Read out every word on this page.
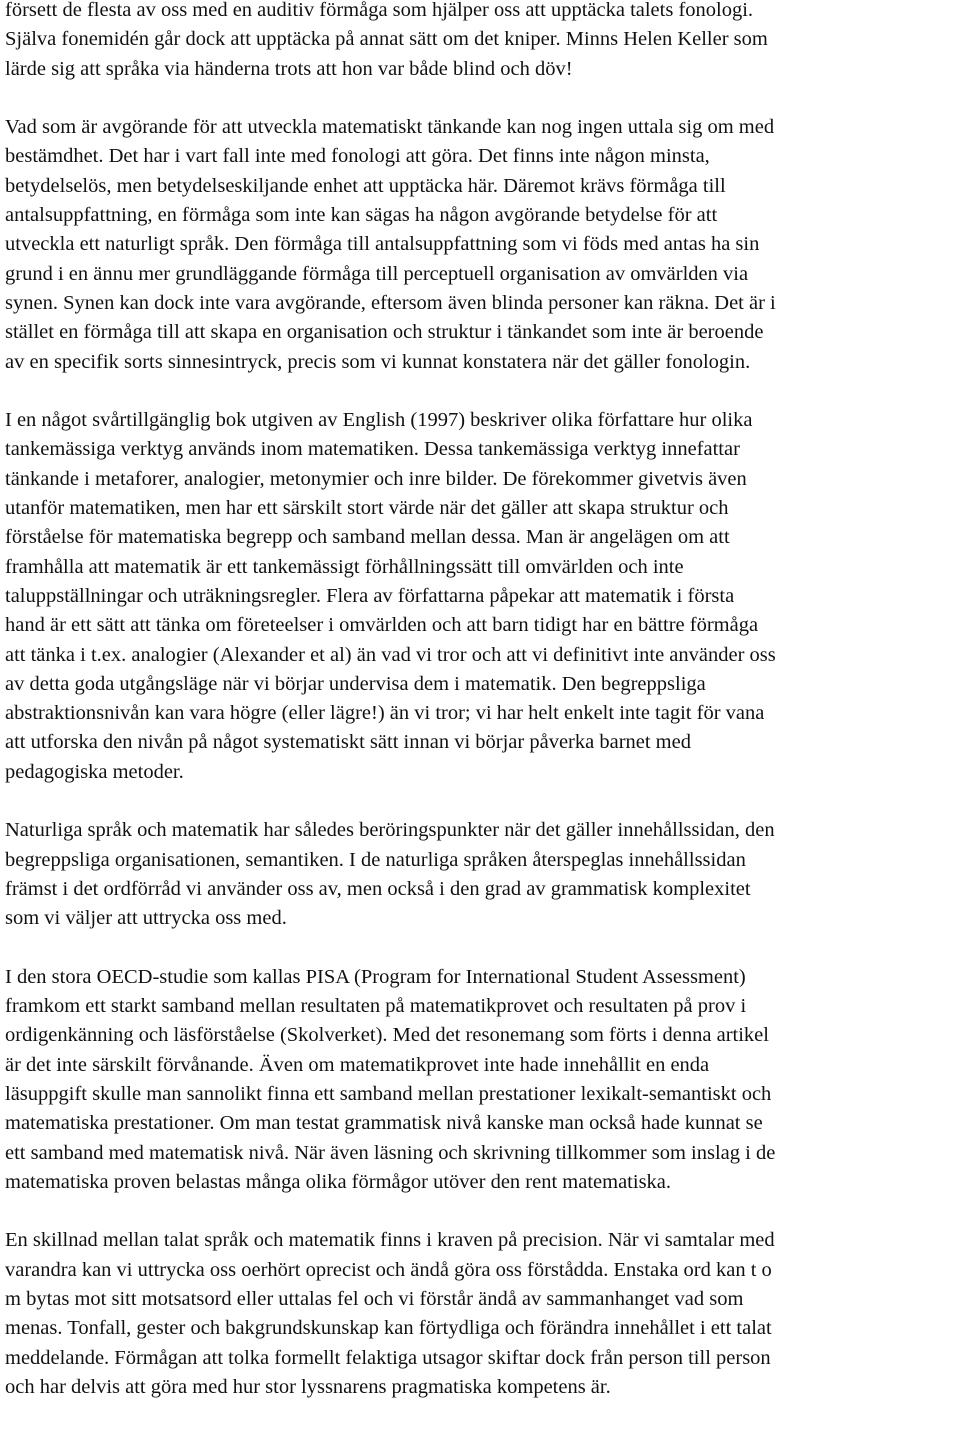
försett de flesta av oss med en auditiv förmåga som hjälper oss att upptäcka talets fonologi.
Själva fonemidén går dock att upptäcka på annat sätt om det kniper. Minns Helen Keller som
lärde sig att språka via händerna trots att hon var både blind och döv!

Vad som är avgörande för att utveckla matematiskt tänkande kan nog ingen uttala sig om med
bestämdhet. Det har i vart fall inte med fonologi att göra. Det finns inte någon minsta,
betydelselös, men betydelseskiljande enhet att upptäcka här. Däremot krävs förmåga till
antalsuppfattning, en förmåga som inte kan sägas ha någon avgörande betydelse för att
utveckla ett naturligt språk. Den förmåga till antalsuppfattning som vi föds med antas ha sin
grund i en ännu mer grundläggande förmåga till perceptuell organisation av omvärlden via
synen. Synen kan dock inte vara avgörande, eftersom även blinda personer kan räkna. Det är i
stället en förmåga till att skapa en organisation och struktur i tänkandet som inte är beroende
av en specifik sorts sinnesintryck, precis som vi kunnat konstatera när det gäller fonologin.

I en något svårtillgänglig bok utgiven av English (1997) beskriver olika författare hur olika
tankemässiga verktyg används inom matematiken. Dessa tankemässiga verktyg innefattar
tänkande i metaforer, analogier, metonymier och inre bilder. De förekommer givetvis även
utanför matematiken, men har ett särskilt stort värde när det gäller att skapa struktur och
förståelse för matematiska begrepp och samband mellan dessa. Man är angelägen om att
framhålla att matematik är ett tankemässigt förhållningssätt till omvärlden och inte
taluppställningar och uträkningsregler. Flera av författarna påpekar att matematik i första
hand är ett sätt att tänka om företeelser i omvärlden och att barn tidigt har en bättre förmåga
att tänka i t.ex. analogier (Alexander et al) än vad vi tror och att vi definitivt inte använder oss
av detta goda utgångsläge när vi börjar undervisa dem i matematik. Den begreppsliga
abstraktionsnivån kan vara högre (eller lägre!) än vi tror; vi har helt enkelt inte tagit för vana
att utforska den nivån på något systematiskt sätt innan vi börjar påverka barnet med
pedagogiska metoder.

Naturliga språk och matematik har således beröringspunkter när det gäller innehållssidan, den
begreppsliga organisationen, semantiken. I de naturliga språken återspeglas innehållssidan
främst i det ordförråd vi använder oss av, men också i den grad av grammatisk komplexitet
som vi väljer att uttrycka oss med.

I den stora OECD-studie som kallas PISA (Program for International Student Assessment)
framkom ett starkt samband mellan resultaten på matematikprovet och resultaten på prov i
ordigenkänning och läsförståelse (Skolverket). Med det resonemang som förts i denna artikel
är det inte särskilt förvånande. Även om matematikprovet inte hade innehållit en enda
läsuppgift skulle man sannolikt finna ett samband mellan prestationer lexikalt-semantiskt och
matematiska prestationer. Om man testat grammatisk nivå kanske man också hade kunnat se
ett samband med matematisk nivå. När även läsning och skrivning tillkommer som inslag i de
matematiska proven belastas många olika förmågor utöver den rent matematiska.

En skillnad mellan talat språk och matematik finns i kraven på precision. När vi samtalar med
varandra kan vi uttrycka oss oerhört oprecist och ändå göra oss förstådda. Enstaka ord kan t o
m bytas mot sitt motsatsord eller uttalas fel och vi förstår ändå av sammanhanget vad som
menas. Tonfall, gester och bakgrundskunskap kan förtydliga och förändra innehållet i ett talat
meddelande. Förmågan att tolka formellt felaktiga utsagor skiftar dock från person till person
och har delvis att göra med hur stor lyssnarens pragmatiska kompetens är.
